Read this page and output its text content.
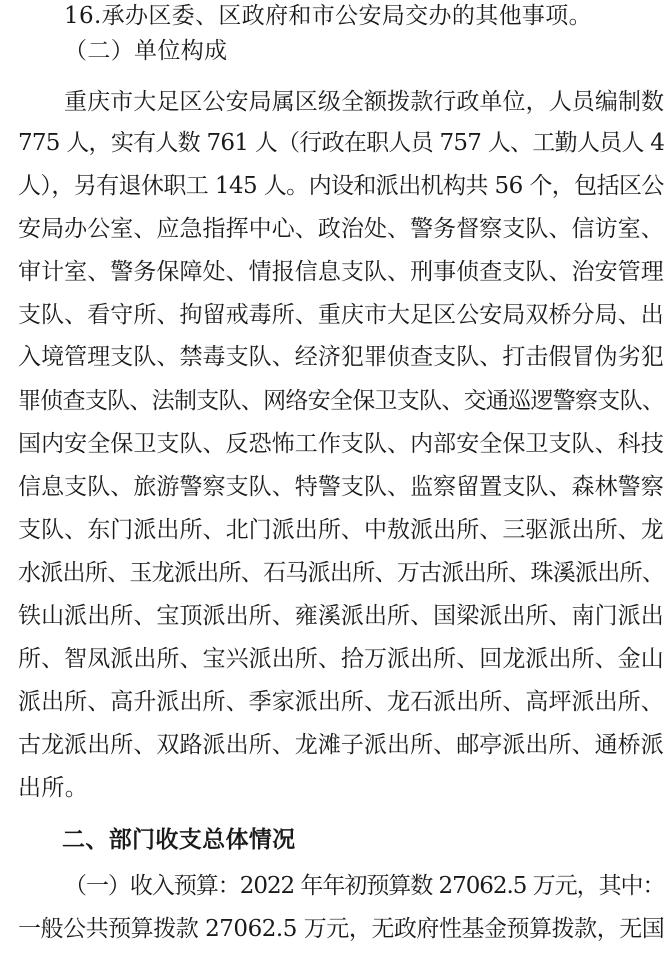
16.承办区委、区政府和市公安局交办的其他事项。
（二）单位构成
重庆市大足区公安局属区级全额拨款行政单位，人员编制数
775 人，实有人数 761 人（行政在职人员 757 人、工勤人员人 4
人），另有退休职工 145 人。内设和派出机构共 56 个，包括区公
安局办公室、应急指挥中心、政治处、警务督察支队、信访室、
审计室、警务保障处、情报信息支队、刑事侦查支队、治安管理
支队、看守所、拘留戒毒所、重庆市大足区公安局双桥分局、出
入境管理支队、禁毒支队、经济犯罪侦查支队、打击假冒伪劣犯
罪侦查支队、法制支队、网络安全保卫支队、交通巡逻警察支队、
国内安全保卫支队、反恐怖工作支队、内部安全保卫支队、科技
信息支队、旅游警察支队、特警支队、监察留置支队、森林警察
支队、东门派出所、北门派出所、中敖派出所、三驱派出所、龙
水派出所、玉龙派出所、石马派出所、万古派出所、珠溪派出所、
铁山派出所、宝顶派出所、雍溪派出所、国梁派出所、南门派出
所、智凤派出所、宝兴派出所、拾万派出所、回龙派出所、金山
派出所、高升派出所、季家派出所、龙石派出所、高坪派出所、
古龙派出所、双路派出所、龙滩子派出所、邮亭派出所、通桥派
出所。
二、部门收支总体情况
（一）收入预算：2022 年年初预算数 27062.5 万元，其中：
一般公共预算拨款 27062.5 万元，无政府性基金预算拨款，无国
